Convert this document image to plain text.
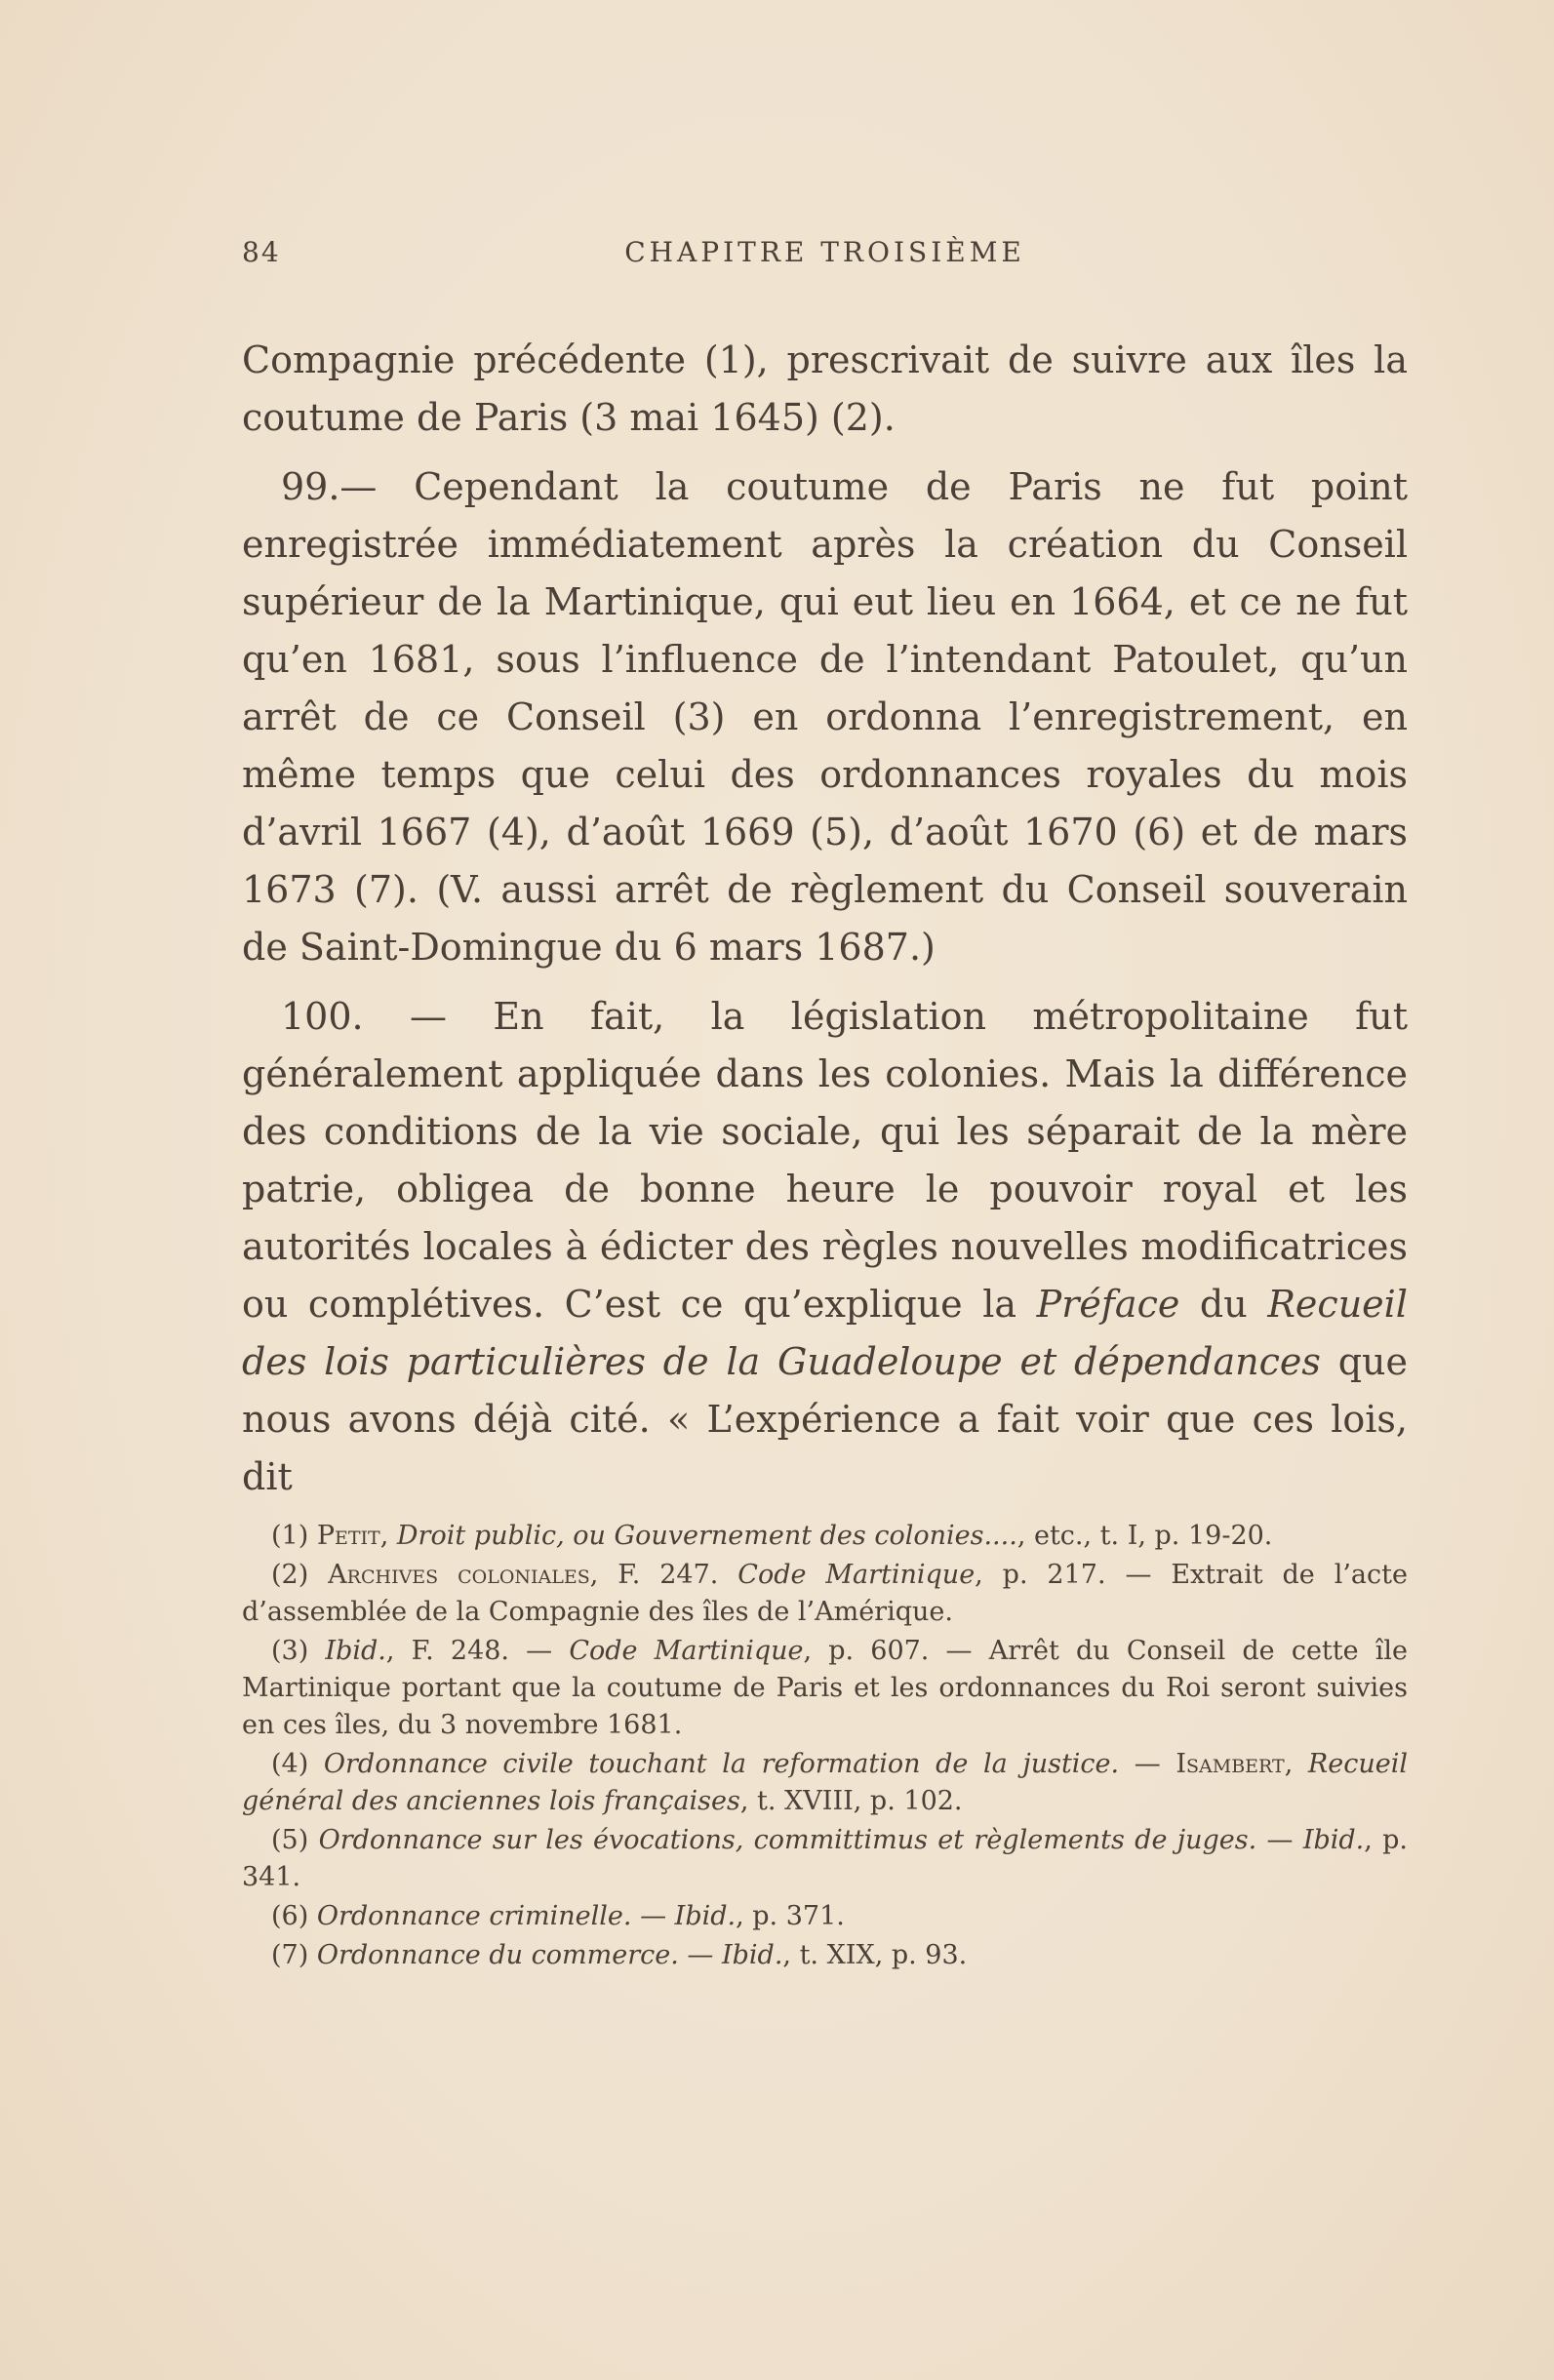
84	CHAPITRE TROISIÈME

Compagnie précédente (1), prescrivait de suivre aux îles la coutume de Paris (3 mai 1645) (2).

99.— Cependant la coutume de Paris ne fut point enregistrée immédiatement après la création du Conseil supérieur de la Martinique, qui eut lieu en 1664, et ce ne fut qu’en 1681, sous l’influence de l’intendant Patoulet, qu’un arrêt de ce Conseil (3) en ordonna l’enregistrement, en même temps que celui des ordonnances royales du mois d’avril 1667 (4), d’août 1669 (5), d’août 1670 (6) et de mars 1673 (7). (V. aussi arrêt de règlement du Conseil souverain de Saint-Domingue du 6 mars 1687.)

100. — En fait, la législation métropolitaine fut généralement appliquée dans les colonies. Mais la différence des conditions de la vie sociale, qui les séparait de la mère patrie, obligea de bonne heure le pouvoir royal et les autorités locales à édicter des règles nouvelles modificatrices ou complétives. C’est ce qu’explique la Préface du Recueil des lois particulières de la Guadeloupe et dépendances que nous avons déjà cité. « L’expérience a fait voir que ces lois, dit

(1) Petit, Droit public, ou Gouvernement des colonies...., etc., t. I, p. 19-20.

(2) Archives coloniales, F. 247. Code Martinique, p. 217. — Extrait de l’acte d’assemblée de la Compagnie des îles de l’Amérique.

(3) Ibid., F. 248. — Code Martinique, p. 607. — Arrêt du Conseil de cette île Martinique portant que la coutume de Paris et les ordonnances du Roi seront suivies en ces îles, du 3 novembre 1681.

(4) Ordonnance civile touchant la reformation de la justice. — Isambert, Recueil général des anciennes lois françaises, t. XVIII, p. 102.

(5) Ordonnance sur les évocations, committimus et règlements de juges. — Ibid., p. 341.

(6) Ordonnance criminelle. — Ibid., p. 371.

(7) Ordonnance du commerce. — Ibid., t. XIX, p. 93.
